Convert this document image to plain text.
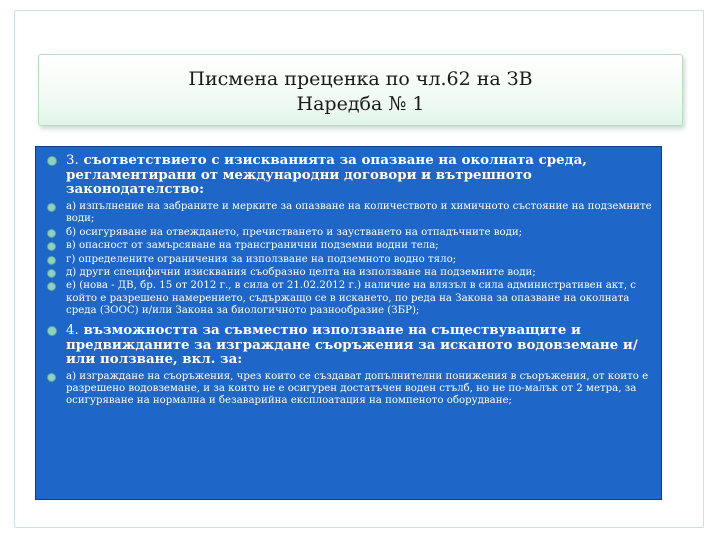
Писмена преценка по чл.62 на ЗВ
Наредба № 1
3. съответствието с изискванията за опазване на околната среда, регламентирани от международни договори и вътрешното законодателство:
а) изпълнение на забраните и мерките за опазване на количеството и химичното състояние на подземните води;
б) осигуряване на отвеждането, пречистването и заустването на отпадъчните води;
в) опасност от замърсяване на трансгранични подземни водни тела;
г) определените ограничения за използване на подземното водно тяло;
д) други специфични изисквания съобразно целта на използване на подземните води;
е) (нова - ДВ, бр. 15 от 2012 г., в сила от 21.02.2012 г.) наличие на влязъл в сила административен акт, с който е разрешено намерението, съдържащо се в искането, по реда на Закона за опазване на околната среда (ЗООС) и/или Закона за биологичното разнообразие (ЗБР);
4. възможността за съвместно използване на съществуващите и предвижданите за изграждане съоръжения за исканото водовземане и/или ползване, вкл. за:
а) изграждане на съоръжения, чрез които се създават допълнителни понижения в съоръжения, от които е разрешено водовземане, и за които не е осигурен достатъчен воден стълб, но не по-малък от 2 метра, за осигуряване на нормална и безаварийна експлоатация на помпеното оборудване;
